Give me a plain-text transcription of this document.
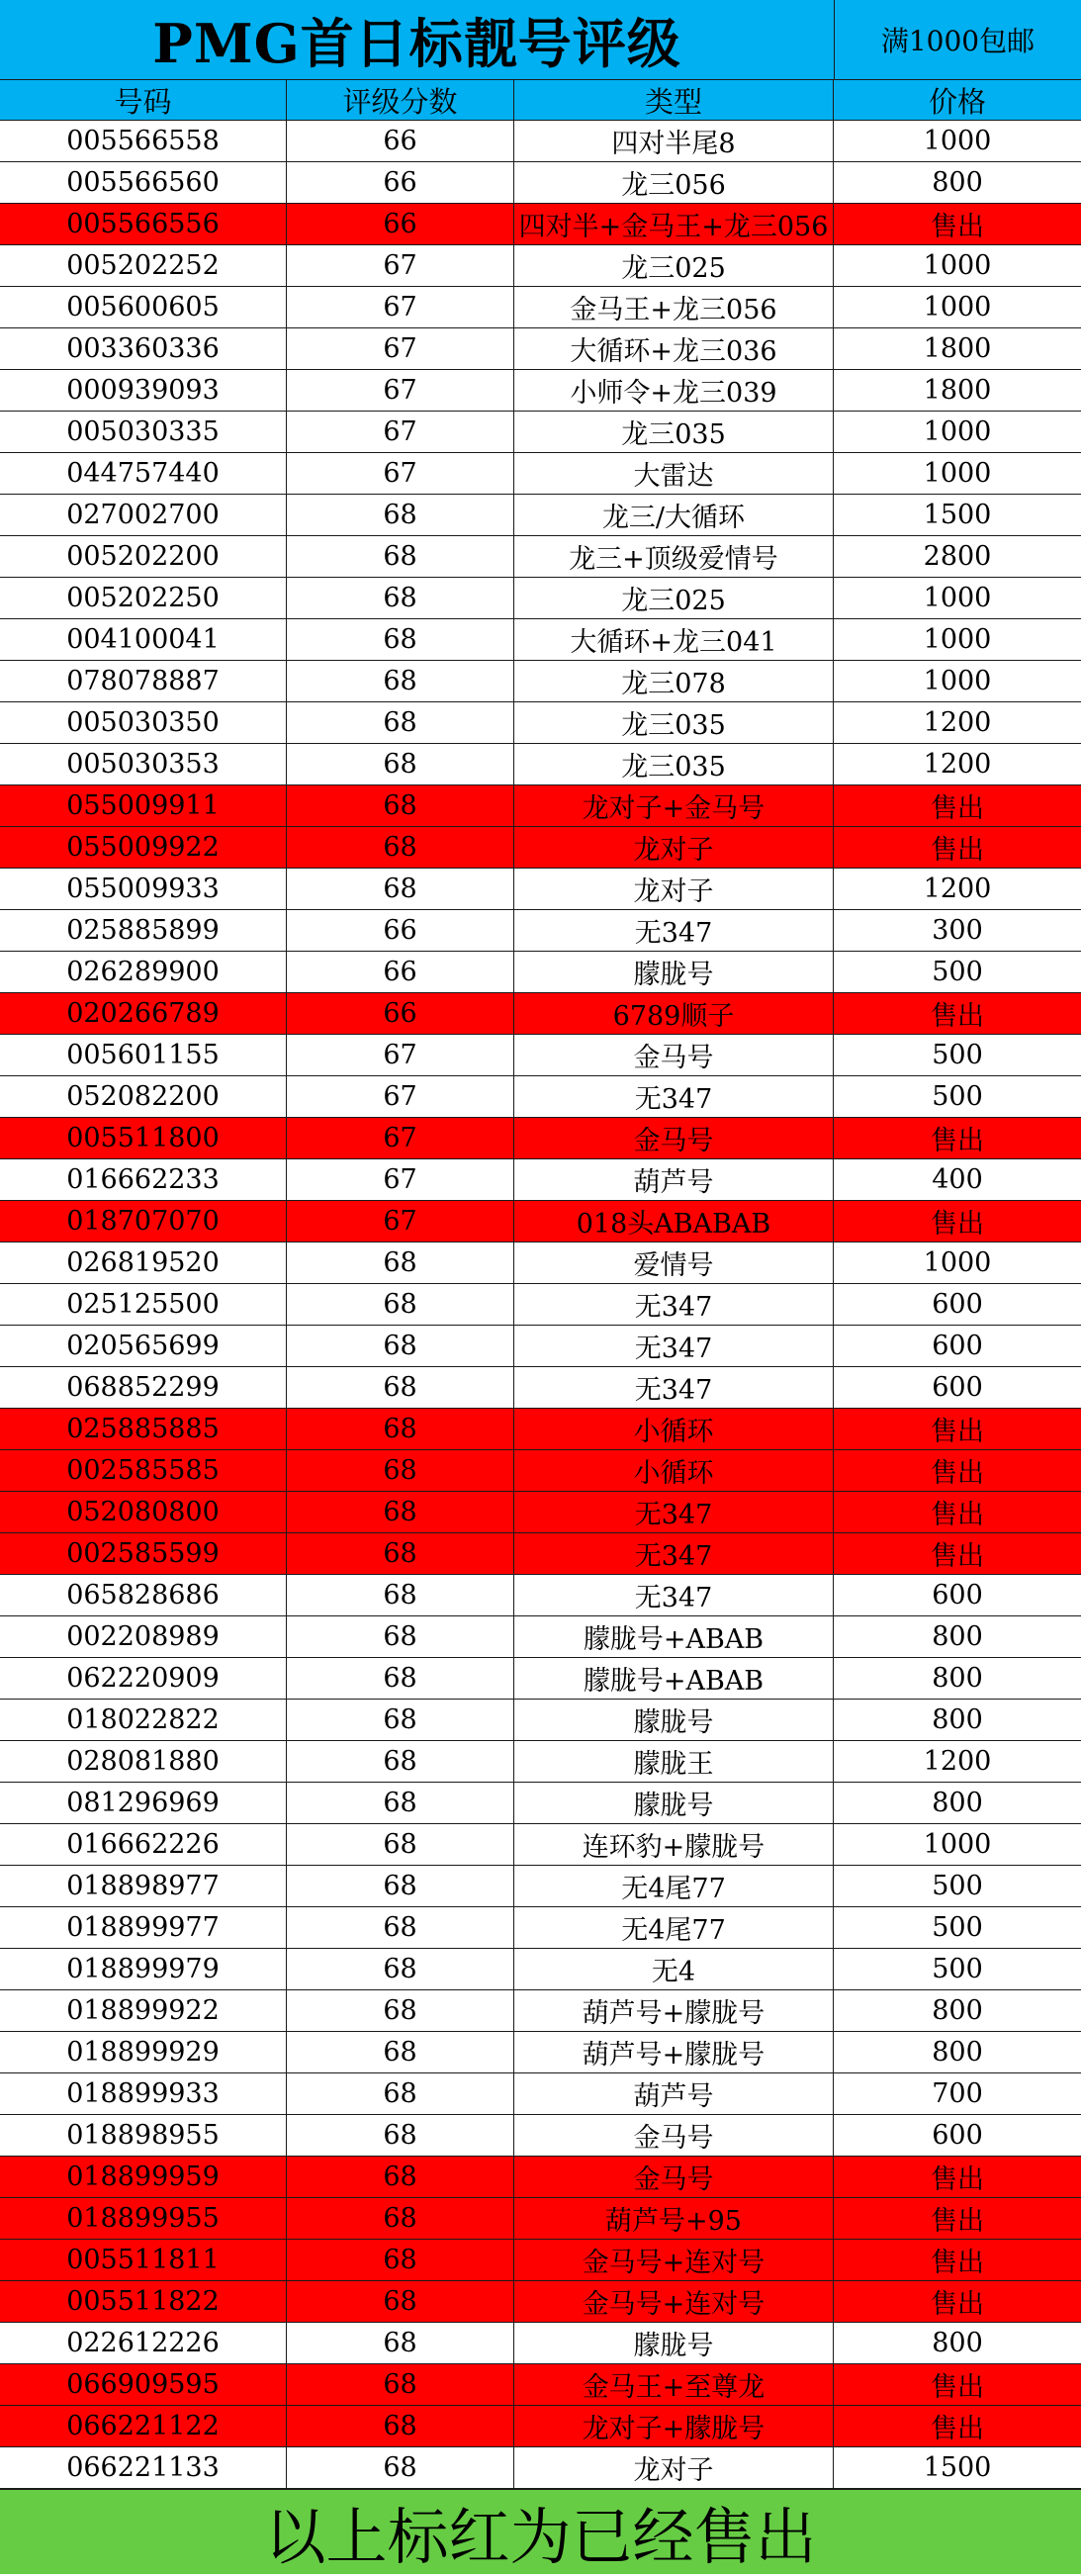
PMG首日标靓号评级	满1000包邮
号码	评级分数	类型	价格
005566558	66	四对半尾8	1000
005566560	66	龙三056	800
005566556	66	四对半+金马王+龙三056	售出
005202252	67	龙三025	1000
005600605	67	金马王+龙三056	1000
003360336	67	大循环+龙三036	1800
000939093	67	小师令+龙三039	1800
005030335	67	龙三035	1000
044757440	67	大雷达	1000
027002700	68	龙三/大循环	1500
005202200	68	龙三+顶级爱情号	2800
005202250	68	龙三025	1000
004100041	68	大循环+龙三041	1000
078078887	68	龙三078	1000
005030350	68	龙三035	1200
005030353	68	龙三035	1200
055009911	68	龙对子+金马号	售出
055009922	68	龙对子	售出
055009933	68	龙对子	1200
025885899	66	无347	300
026289900	66	朦胧号	500
020266789	66	6789顺子	售出
005601155	67	金马号	500
052082200	67	无347	500
005511800	67	金马号	售出
016662233	67	葫芦号	400
018707070	67	018头ABABAB	售出
026819520	68	爱情号	1000
025125500	68	无347	600
020565699	68	无347	600
068852299	68	无347	600
025885885	68	小循环	售出
002585585	68	小循环	售出
052080800	68	无347	售出
002585599	68	无347	售出
065828686	68	无347	600
002208989	68	朦胧号+ABAB	800
062220909	68	朦胧号+ABAB	800
018022822	68	朦胧号	800
028081880	68	朦胧王	1200
081296969	68	朦胧号	800
016662226	68	连环豹+朦胧号	1000
018898977	68	无4尾77	500
018899977	68	无4尾77	500
018899979	68	无4	500
018899922	68	葫芦号+朦胧号	800
018899929	68	葫芦号+朦胧号	800
018899933	68	葫芦号	700
018898955	68	金马号	600
018899959	68	金马号	售出
018899955	68	葫芦号+95	售出
005511811	68	金马号+连对号	售出
005511822	68	金马号+连对号	售出
022612226	68	朦胧号	800
066909595	68	金马王+至尊龙	售出
066221122	68	龙对子+朦胧号	售出
066221133	68	龙对子	1500
以上标红为已经售出
